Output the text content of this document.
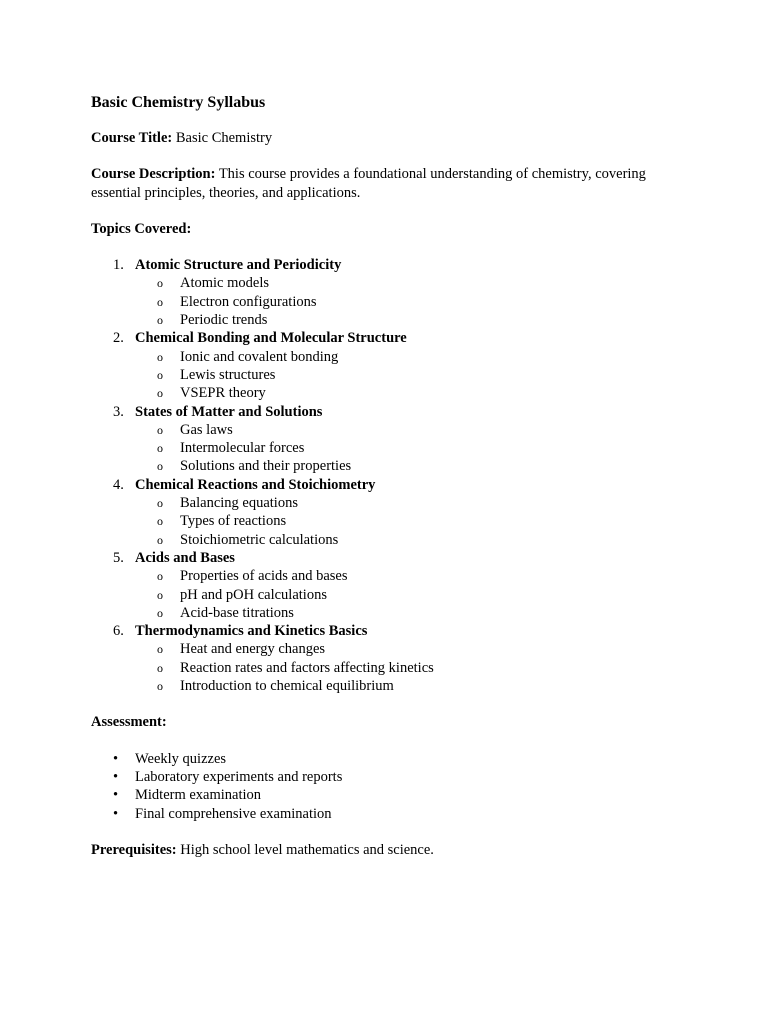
Basic Chemistry Syllabus

Course Title: Basic Chemistry

Course Description: This course provides a foundational understanding of chemistry, covering essential principles, theories, and applications.

Topics Covered:

1. Atomic Structure and Periodicity
o Atomic models
o Electron configurations
o Periodic trends
2. Chemical Bonding and Molecular Structure
o Ionic and covalent bonding
o Lewis structures
o VSEPR theory
3. States of Matter and Solutions
o Gas laws
o Intermolecular forces
o Solutions and their properties
4. Chemical Reactions and Stoichiometry
o Balancing equations
o Types of reactions
o Stoichiometric calculations
5. Acids and Bases
o Properties of acids and bases
o pH and pOH calculations
o Acid-base titrations
6. Thermodynamics and Kinetics Basics
o Heat and energy changes
o Reaction rates and factors affecting kinetics
o Introduction to chemical equilibrium

Assessment:

• Weekly quizzes
• Laboratory experiments and reports
• Midterm examination
• Final comprehensive examination

Prerequisites: High school level mathematics and science.
